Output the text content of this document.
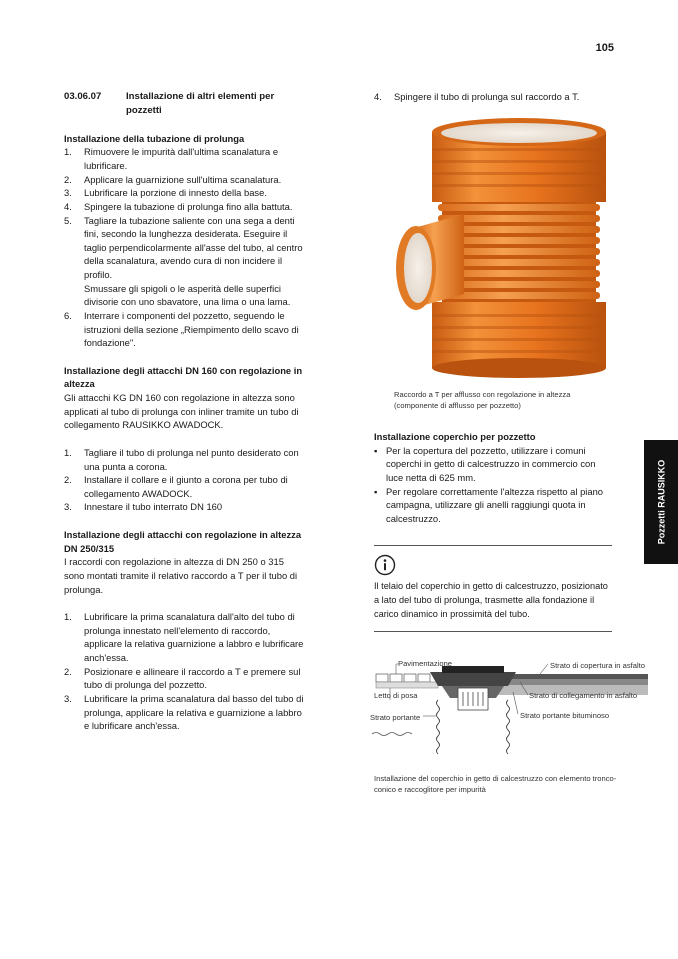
105
Pozzetti RAUSIKKO
03.06.07	Installazione di altri elementi per pozzetti
Installazione della tubazione di prolunga
1.	Rimuovere le impurità dall'ultima scanalatura e lubrificare.
2.	Applicare la guarnizione sull'ultima scanalatura.
3.	Lubrificare la porzione di innesto della base.
4.	Spingere la tubazione di prolunga fino alla battuta.
5.	Tagliare la tubazione saliente con una sega a denti fini, secondo la lunghezza desiderata. Eseguire il taglio perpendicolarmente all'asse del tubo, al centro della scanalatura, avendo cura di non incidere il profilo.
Smussare gli spigoli o le asperità delle superfici divisorie con uno sbavatore, una lima o una lama.
6.	Interrare i componenti del pozzetto, seguendo le istruzioni della sezione „Riempimento dello scavo di fondazione".
Installazione degli attacchi DN 160 con regolazione in altezza
Gli attacchi KG DN 160 con regolazione in altezza sono applicati al tubo di prolunga con inliner tramite un tubo di collegamento RAUSIKKO AWADOCK.
1.	Tagliare il tubo di prolunga nel punto desiderato con una punta a corona.
2.	Installare il collare e il giunto a corona per tubo di collegamento AWADOCK.
3.	Innestare il tubo interrato DN 160
Installazione degli attacchi con regolazione in altezza DN 250/315
I raccordi con regolazione in altezza di DN 250 o 315 sono montati tramite il relativo raccordo a T per il tubo di prolunga.
1.	Lubrificare la prima scanalatura dall'alto del tubo di prolunga innestato nell'elemento di raccordo, applicare la relativa guarnizione a labbro e lubrificare anch'essa.
2.	Posizionare e allineare il raccordo a T e premere sul tubo di prolunga del pozzetto.
3.	Lubrificare la prima scanalatura dal basso del tubo di prolunga, applicare la relativa e guarnizione a labbro e lubrificare anch'essa.
4.	Spingere il tubo di prolunga sul raccordo a T.
Raccordo a T per afflusso con regolazione in altezza (componente di afflusso per pozzetto)
Installazione coperchio per pozzetto
▪ Per la copertura del pozzetto, utilizzare i comuni coperchi in getto di calcestruzzo in commercio con luce netta di 625 mm.
▪ Per regolare correttamente l'altezza rispetto al piano campagna, utilizzare gli anelli raggiungi quota in calcestruzzo.
Il telaio del coperchio in getto di calcestruzzo, posizionato a lato del tubo di prolunga, trasmette alla fondazione il carico dinamico in prossimità del tubo.
Pavimentazione	Strato di copertura in asfalto
Letto di posa	Strato di collegamento in asfalto
Strato portante	Strato portante bituminoso
Installazione del coperchio in getto di calcestruzzo con elemento tronco-conico e raccoglitore per impurità
